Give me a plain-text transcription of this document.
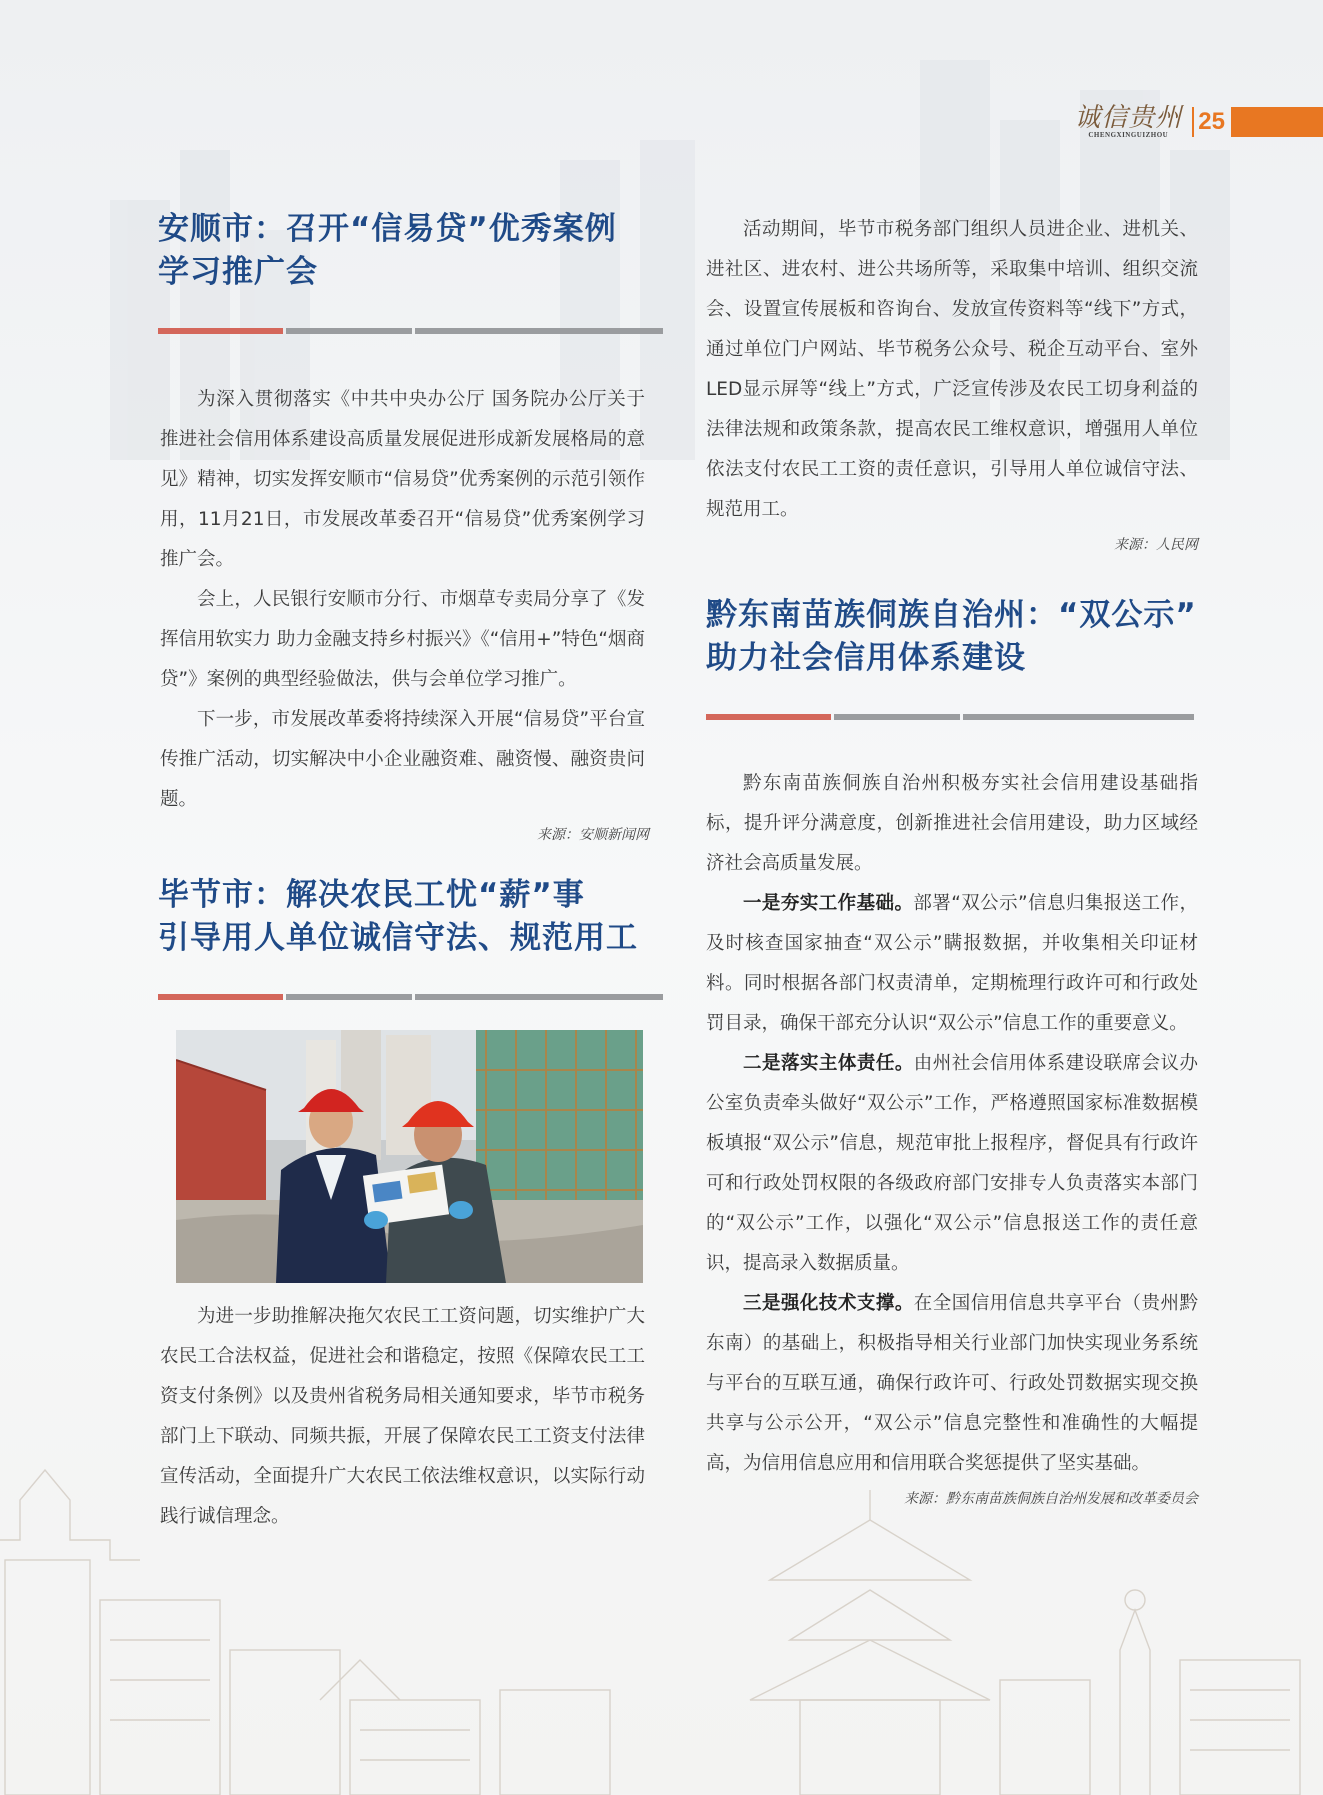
诚信贵州
CHENGXINGUIZHOU	25
安顺市：召开“信易贷”优秀案例
学习推广会

为深入贯彻落实《中共中央办公厅 国务院办公厅关于推进社会信用体系建设高质量发展促进形成新发展格局的意见》精神，切实发挥安顺市“信易贷”优秀案例的示范引领作用，11月21日，市发展改革委召开“信易贷”优秀案例学习推广会。

会上，人民银行安顺市分行、市烟草专卖局分享了《发挥信用软实力 助力金融支持乡村振兴》《“信用+”特色“烟商贷”》案例的典型经验做法，供与会单位学习推广。

下一步，市发展改革委将持续深入开展“信易贷”平台宣传推广活动，切实解决中小企业融资难、融资慢、融资贵问题。

来源：安顺新闻网
毕节市：解决农民工忧“薪”事
引导用人单位诚信守法、规范用工

为进一步助推解决拖欠农民工工资问题，切实维护广大农民工合法权益，促进社会和谐稳定，按照《保障农民工工资支付条例》以及贵州省税务局相关通知要求，毕节市税务部门上下联动、同频共振，开展了保障农民工工资支付法律宣传活动，全面提升广大农民工依法维权意识，以实际行动践行诚信理念。

活动期间，毕节市税务部门组织人员进企业、进机关、进社区、进农村、进公共场所等，采取集中培训、组织交流会、设置宣传展板和咨询台、发放宣传资料等“线下”方式，通过单位门户网站、毕节税务公众号、税企互动平台、室外LED显示屏等“线上”方式，广泛宣传涉及农民工切身利益的法律法规和政策条款，提高农民工维权意识，增强用人单位依法支付农民工工资的责任意识，引导用人单位诚信守法、规范用工。

来源：人民网
黔东南苗族侗族自治州：“双公示”
助力社会信用体系建设

黔东南苗族侗族自治州积极夯实社会信用建设基础指标，提升评分满意度，创新推进社会信用建设，助力区域经济社会高质量发展。

一是夯实工作基础。部署“双公示”信息归集报送工作，及时核查国家抽查“双公示”瞒报数据，并收集相关印证材料。同时根据各部门权责清单，定期梳理行政许可和行政处罚目录，确保干部充分认识“双公示”信息工作的重要意义。

二是落实主体责任。由州社会信用体系建设联席会议办公室负责牵头做好“双公示”工作，严格遵照国家标准数据模板填报“双公示”信息，规范审批上报程序，督促具有行政许可和行政处罚权限的各级政府部门安排专人负责落实本部门的“双公示”工作，以强化“双公示”信息报送工作的责任意识，提高录入数据质量。

三是强化技术支撑。在全国信用信息共享平台（贵州黔东南）的基础上，积极指导相关行业部门加快实现业务系统与平台的互联互通，确保行政许可、行政处罚数据实现交换共享与公示公开，“双公示”信息完整性和准确性的大幅提高，为信用信息应用和信用联合奖惩提供了坚实基础。

来源：黔东南苗族侗族自治州发展和改革委员会
